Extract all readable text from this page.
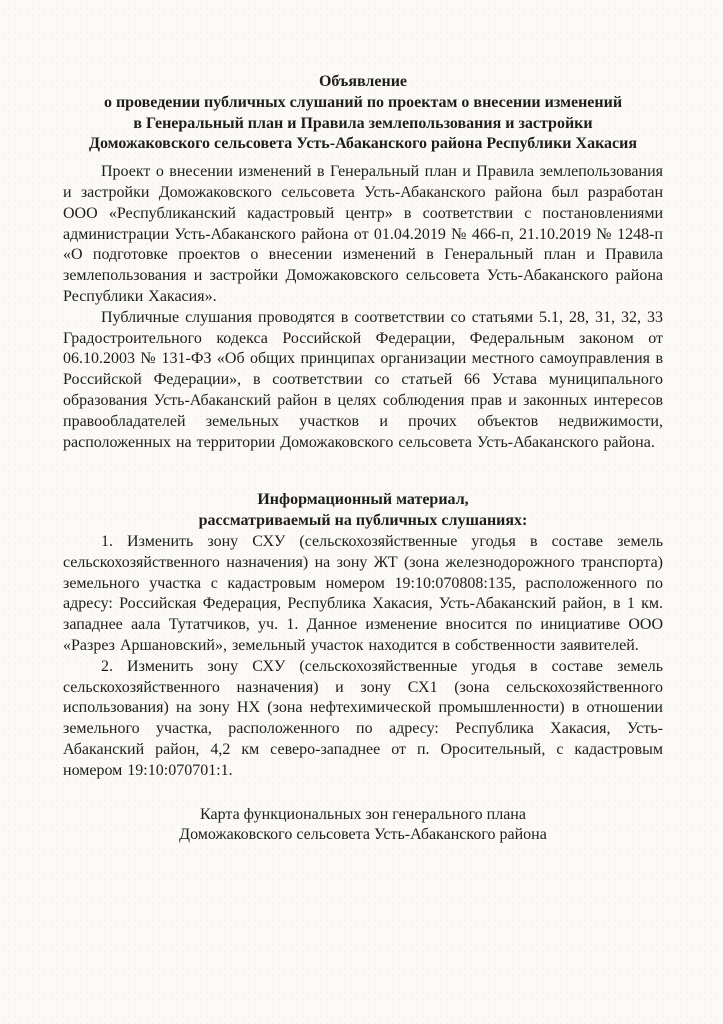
Объявление
о проведении публичных слушаний по проектам о внесении изменений
в Генеральный план и Правила землепользования и застройки
Доможаковского сельсовета Усть-Абаканского района Республики Хакасия

Проект о внесении изменений в Генеральный план и Правила землепользования и застройки Доможаковского сельсовета Усть-Абаканского района был разработан ООО «Республиканский кадастровый центр» в соответствии с постановлениями администрации Усть-Абаканского района от 01.04.2019 № 466-п, 21.10.2019 № 1248-п «О подготовке проектов о внесении изменений в Генеральный план и Правила землепользования и застройки Доможаковского сельсовета Усть-Абаканского района Республики Хакасия».

Публичные слушания проводятся в соответствии со статьями 5.1, 28, 31, 32, 33 Градостроительного кодекса Российской Федерации, Федеральным законом от 06.10.2003 № 131-ФЗ «Об общих принципах организации местного самоуправления в Российской Федерации», в соответствии со статьей 66 Устава муниципального образования Усть-Абаканский район в целях соблюдения прав и законных интересов правообладателей земельных участков и прочих объектов недвижимости, расположенных на территории Доможаковского сельсовета Усть-Абаканского района.

Информационный материал,
рассматриваемый на публичных слушаниях:

1. Изменить зону СХУ (сельскохозяйственные угодья в составе земель сельскохозяйственного назначения) на зону ЖТ (зона железнодорожного транспорта) земельного участка с кадастровым номером 19:10:070808:135, расположенного по адресу: Российская Федерация, Республика Хакасия, Усть-Абаканский район, в 1 км. западнее аала Тутатчиков, уч. 1. Данное изменение вносится по инициативе ООО «Разрез Аршановский», земельный участок находится в собственности заявителей.

2. Изменить зону СХУ (сельскохозяйственные угодья в составе земель сельскохозяйственного назначения) и зону СХ1 (зона сельскохозяйственного использования) на зону НХ (зона нефтехимической промышленности) в отношении земельного участка, расположенного по адресу: Республика Хакасия, Усть-Абаканский район, 4,2 км северо-западнее от п. Оросительный, с кадастровым номером 19:10:070701:1.

Карта функциональных зон генерального плана
Доможаковского сельсовета Усть-Абаканского района
